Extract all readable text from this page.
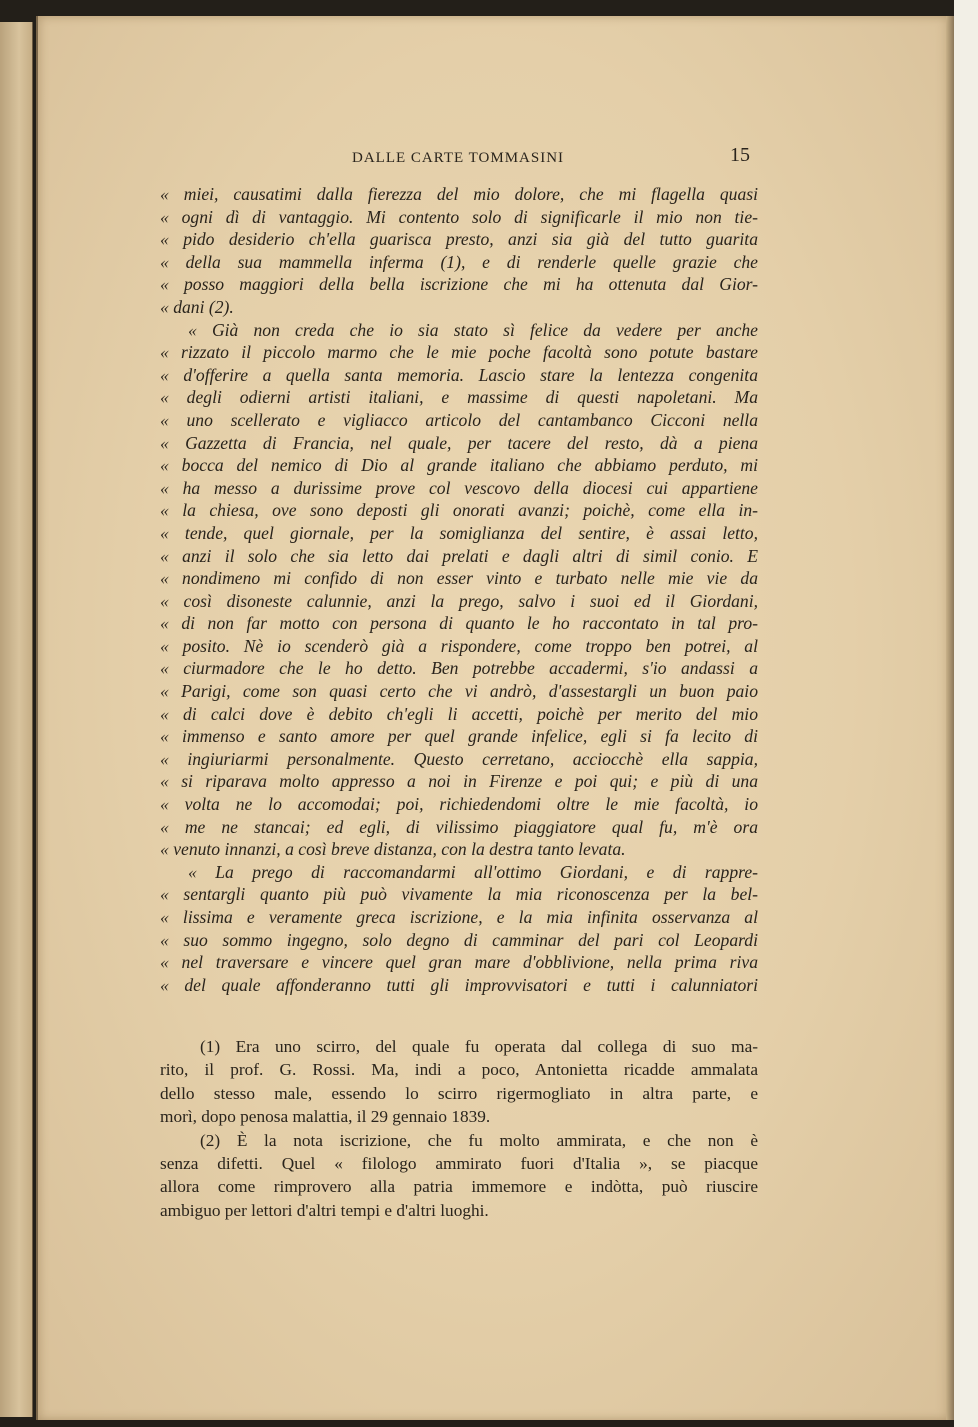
DALLE CARTE TOMMASINI	15
« miei, causatimi dalla fierezza del mio dolore, che mi flagella quasi
« ogni dì di vantaggio. Mi contento solo di significarle il mio non tie-
« pido desiderio ch'ella guarisca presto, anzi sia già del tutto guarita
« della sua mammella inferma (1), e di renderle quelle grazie che
« posso maggiori della bella iscrizione che mi ha ottenuta dal Gior-
« dani (2).
« Già non creda che io sia stato sì felice da vedere per anche
« rizzato il piccolo marmo che le mie poche facoltà sono potute bastare
« d'offerire a quella santa memoria. Lascio stare la lentezza congenita
« degli odierni artisti italiani, e massime di questi napoletani. Ma
« uno scellerato e vigliacco articolo del cantambanco Cicconi nella
« Gazzetta di Francia, nel quale, per tacere del resto, dà a piena
« bocca del nemico di Dio al grande italiano che abbiamo perduto, mi
« ha messo a durissime prove col vescovo della diocesi cui appartiene
« la chiesa, ove sono deposti gli onorati avanzi; poichè, come ella in-
« tende, quel giornale, per la somiglianza del sentire, è assai letto,
« anzi il solo che sia letto dai prelati e dagli altri di simil conio. E
« nondimeno mi confido di non esser vinto e turbato nelle mie vie da
« così disoneste calunnie, anzi la prego, salvo i suoi ed il Giordani,
« di non far motto con persona di quanto le ho raccontato in tal pro-
« posito. Nè io scenderò già a rispondere, come troppo ben potrei, al
« ciurmadore che le ho detto. Ben potrebbe accadermi, s'io andassi a
« Parigi, come son quasi certo che vi andrò, d'assestargli un buon paio
« di calci dove è debito ch'egli li accetti, poichè per merito del mio
« immenso e santo amore per quel grande infelice, egli si fa lecito di
« ingiuriarmi personalmente. Questo cerretano, acciocchè ella sappia,
« si riparava molto appresso a noi in Firenze e poi qui; e più di una
« volta ne lo accomodai; poi, richiedendomi oltre le mie facoltà, io
« me ne stancai; ed egli, di vilissimo piaggiatore qual fu, m'è ora
« venuto innanzi, a così breve distanza, con la destra tanto levata.
« La prego di raccomandarmi all'ottimo Giordani, e di rappre-
« sentargli quanto più può vivamente la mia riconoscenza per la bel-
« lissima e veramente greca iscrizione, e la mia infinita osservanza al
« suo sommo ingegno, solo degno di camminar del pari col Leopardi
« nel traversare e vincere quel gran mare d'obblivione, nella prima riva
« del quale affonderanno tutti gli improvvisatori e tutti i calunniatori
(1) Era uno scirro, del quale fu operata dal collega di suo ma-
rito, il prof. G. Rossi. Ma, indi a poco, Antonietta ricadde ammalata
dello stesso male, essendo lo scirro rigermogliato in altra parte, e
morì, dopo penosa malattia, il 29 gennaio 1839.
(2) È la nota iscrizione, che fu molto ammirata, e che non è
senza difetti. Quel « filologo ammirato fuori d'Italia », se piacque
allora come rimprovero alla patria immemore e indòtta, può riuscire
ambiguo per lettori d'altri tempi e d'altri luoghi.
